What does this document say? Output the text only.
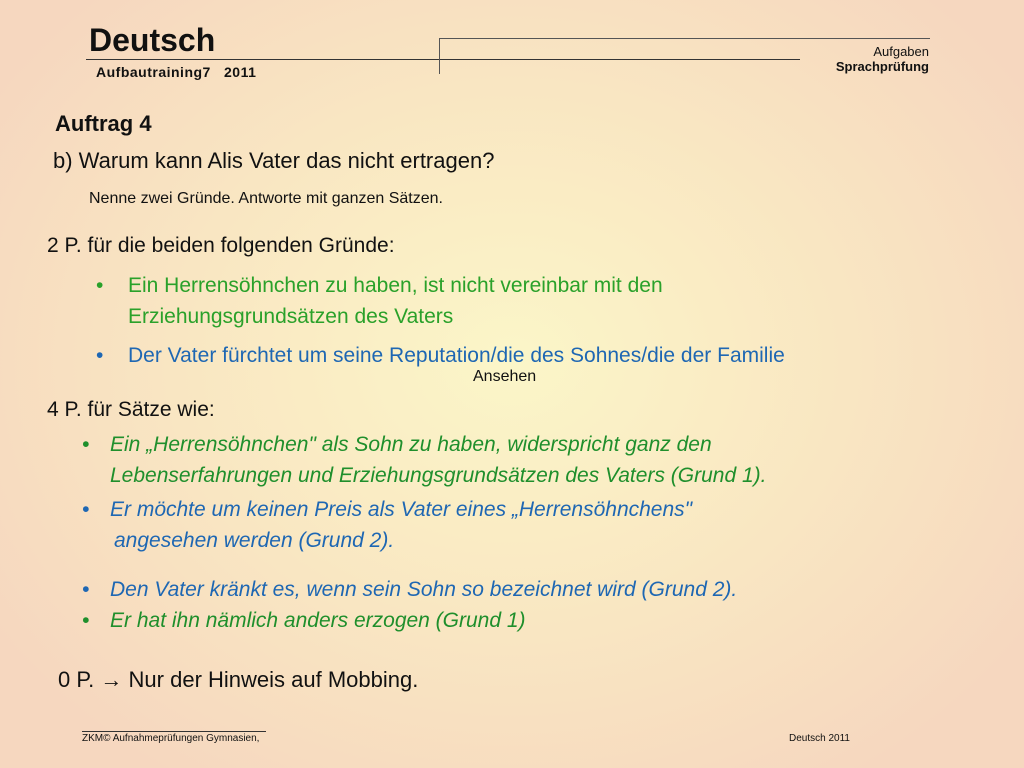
Deutsch
Aufbautraining7   2011
Aufgaben
Sprachprüfung
Auftrag 4
b) Warum kann Alis Vater das nicht ertragen?
Nenne zwei Gründe. Antworte mit ganzen Sätzen.
2 P. für die beiden folgenden Gründe:
• Ein Herrensöhnchen zu haben, ist nicht vereinbar mit den
Erziehungsgrundsätzen des Vaters
• Der Vater fürchtet um seine Reputation/die des Sohnes/die der Familie
Ansehen
4 P. für Sätze wie:
• Ein „Herrensöhnchen" als Sohn zu haben, widerspricht ganz den
Lebenserfahrungen und Erziehungsgrundsätzen des Vaters (Grund 1).
• Er möchte um keinen Preis als Vater eines „Herrensöhnchens"
angesehen werden (Grund 2).
• Den Vater kränkt es, wenn sein Sohn so bezeichnet wird (Grund 2).
• Er hat ihn nämlich anders erzogen (Grund 1)
0 P. → Nur der Hinweis auf Mobbing.
ZKM© Aufnahmeprüfungen Gymnasien,	Deutsch 2011
